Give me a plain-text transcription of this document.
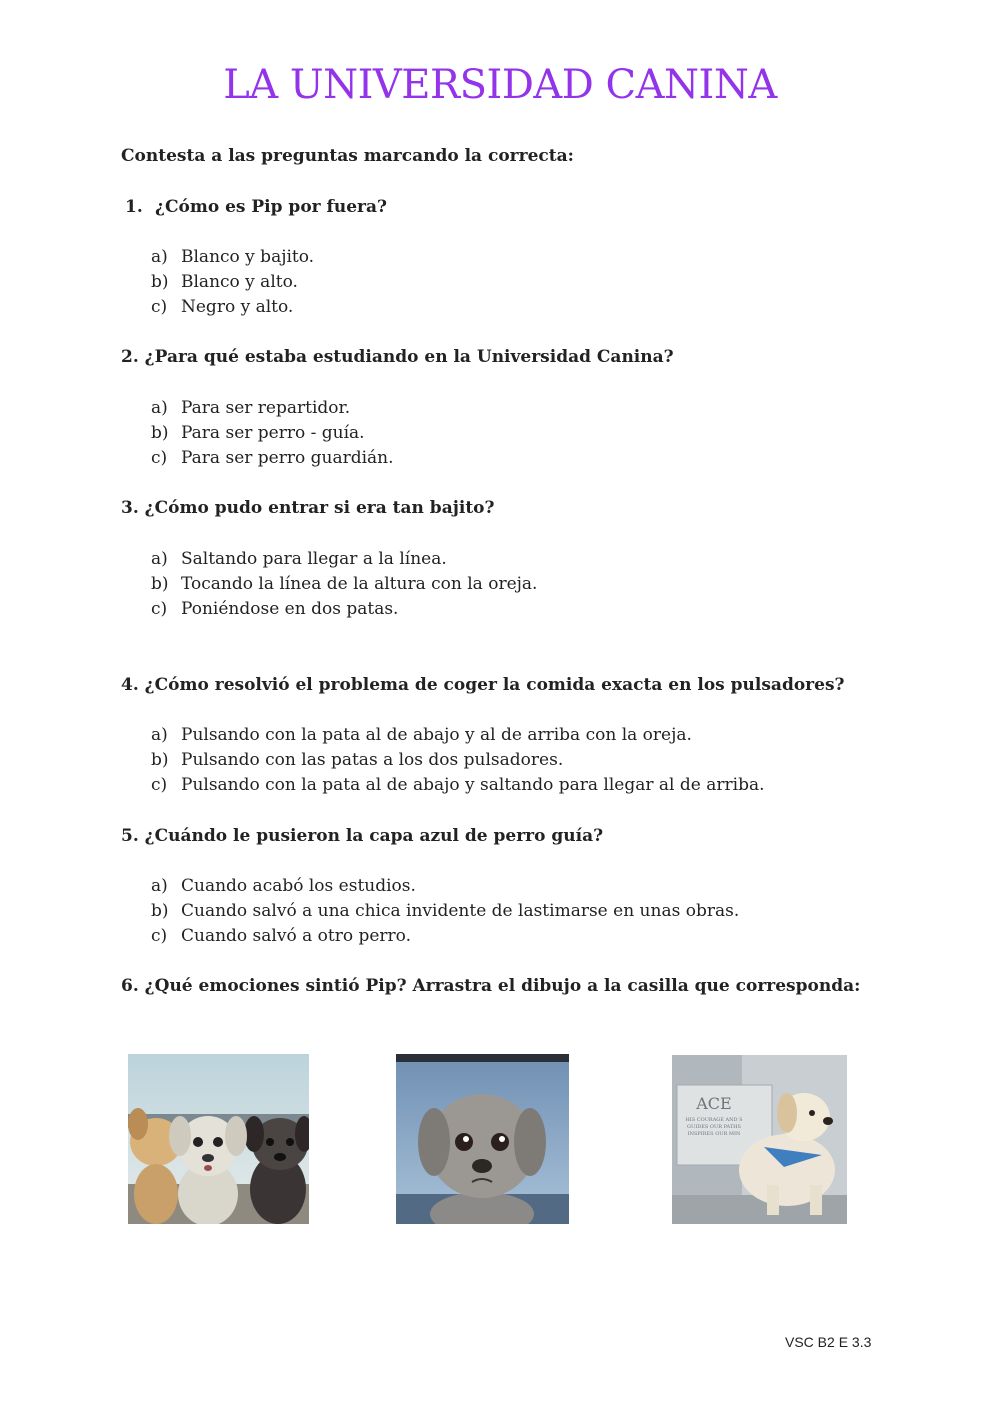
LA UNIVERSIDAD CANINA
Contesta a las preguntas marcando la correcta:
1. ¿Cómo es Pip por fuera?
a) Blanco y bajito.
b) Blanco y alto.
c) Negro y alto.
2. ¿Para qué estaba estudiando en la Universidad Canina?
a) Para ser repartidor.
b) Para ser perro - guía.
c) Para ser perro guardián.
3. ¿Cómo pudo entrar si era tan bajito?
a) Saltando para llegar a la línea.
b) Tocando la línea de la altura con la oreja.
c) Poniéndose en dos patas.
4. ¿Cómo resolvió el problema de coger la comida exacta en los pulsadores?
a) Pulsando con la pata al de abajo y al de arriba con la oreja.
b) Pulsando con las patas a los dos pulsadores.
c) Pulsando con la pata al de abajo y saltando para llegar al de arriba.
5. ¿Cuándo le pusieron la capa azul de perro guía?
a) Cuando acabó los estudios.
b) Cuando salvó a una chica invidente de lastimarse en unas obras.
c) Cuando salvó a otro perro.
6. ¿Qué emociones sintió Pip? Arrastra el dibujo a la casilla que corresponda:
ACE
HIS COURAGE AND S
GUIDES OUR PATHS
INSPIRES OUR MIN
VSC B2 E 3.3
